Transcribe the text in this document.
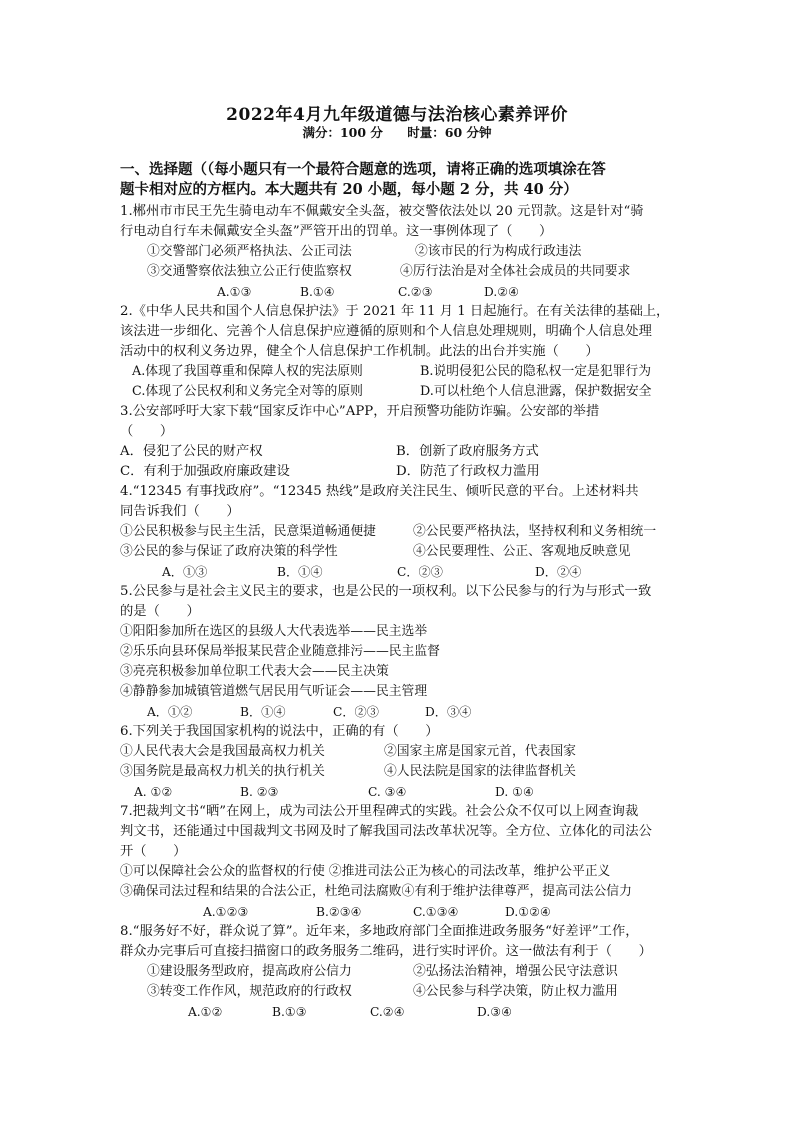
2022年4月九年级道德与法治核心素养评价
满分：100 分 时量：60 分钟
一、选择题（（每小题只有一个最符合题意的选项，请将正确的选项填涂在答
题卡相对应的方框内。本大题共有 20 小题，每小题 2 分，共 40 分）
1.郴州市市民王先生骑电动车不佩戴安全头盔，被交警依法处以 20 元罚款。这是针对“骑
行电动自行车未佩戴安全头盔”严管开出的罚单。这一事例体现了（　　）
①交警部门必须严格执法、公正司法	②该市民的行为构成行政违法
③交通警察依法独立公正行使监察权	④厉行法治是对全体社会成员的共同要求
A.①③	B.①④	C.②③	D.②④
2.《中华人民共和国个人信息保护法》于 2021 年 11 月 1 日起施行。在有关法律的基础上，
该法进一步细化、完善个人信息保护应遵循的原则和个人信息处理规则，明确个人信息处理
活动中的权利义务边界，健全个人信息保护工作机制。此法的出台并实施（　　）
A.体现了我国尊重和保障人权的宪法原则	B.说明侵犯公民的隐私权一定是犯罪行为
C.体现了公民权利和义务完全对等的原则	D.可以杜绝个人信息泄露，保护数据安全
3.公安部呼吁大家下载“国家反诈中心”APP，开启预警功能防诈骗。公安部的举措
（　　）
A．侵犯了公民的财产权	B．创新了政府服务方式
C．有利于加强政府廉政建设	D．防范了行政权力滥用
4.“12345 有事找政府”。“12345 热线”是政府关注民生、倾听民意的平台。上述材料共
同告诉我们（　　）
①公民积极参与民主生活，民意渠道畅通便捷	②公民要严格执法，坚持权利和义务相统一
③公民的参与保证了政府决策的科学性	④公民要理性、公正、客观地反映意见
A．①③	B．①④	C．②③	D．②④
5.公民参与是社会主义民主的要求，也是公民的一项权利。以下公民参与的行为与形式一致
的是（　　）
①阳阳参加所在选区的县级人大代表选举——民主选举
②乐乐向县环保局举报某民营企业随意排污——民主监督
③亮亮积极参加单位职工代表大会——民主决策
④静静参加城镇管道燃气居民用气听证会——民主管理
A．①②	B．①④	C．②③	D．③④
6.下列关于我国国家机构的说法中，正确的有（　　）
①人民代表大会是我国最高权力机关	②国家主席是国家元首，代表国家
③国务院是最高权力机关的执行机关	④人民法院是国家的法律监督机关
A. ①②	B. ②③	C. ③④	D. ①④
7.把裁判文书“晒”在网上，成为司法公开里程碑式的实践。社会公众不仅可以上网查询裁
判文书，还能通过中国裁判文书网及时了解我国司法改革状况等。全方位、立体化的司法公
开（　　）
①可以保障社会公众的监督权的行使 ②推进司法公正为核心的司法改革，维护公平正义
③确保司法过程和结果的合法公正，杜绝司法腐败④有利于维护法律尊严，提高司法公信力
A.①②③	B.②③④	C.①③④	D.①②④
8.“服务好不好，群众说了算”。近年来，多地政府部门全面推进政务服务“好差评”工作，
群众办完事后可直接扫描窗口的政务服务二维码，进行实时评价。这一做法有利于（　　）
①建设服务型政府，提高政府公信力	②弘扬法治精神，增强公民守法意识
③转变工作作风，规范政府的行政权	④公民参与科学决策，防止权力滥用
A.①②	B.①③	C.②④	D.③④
